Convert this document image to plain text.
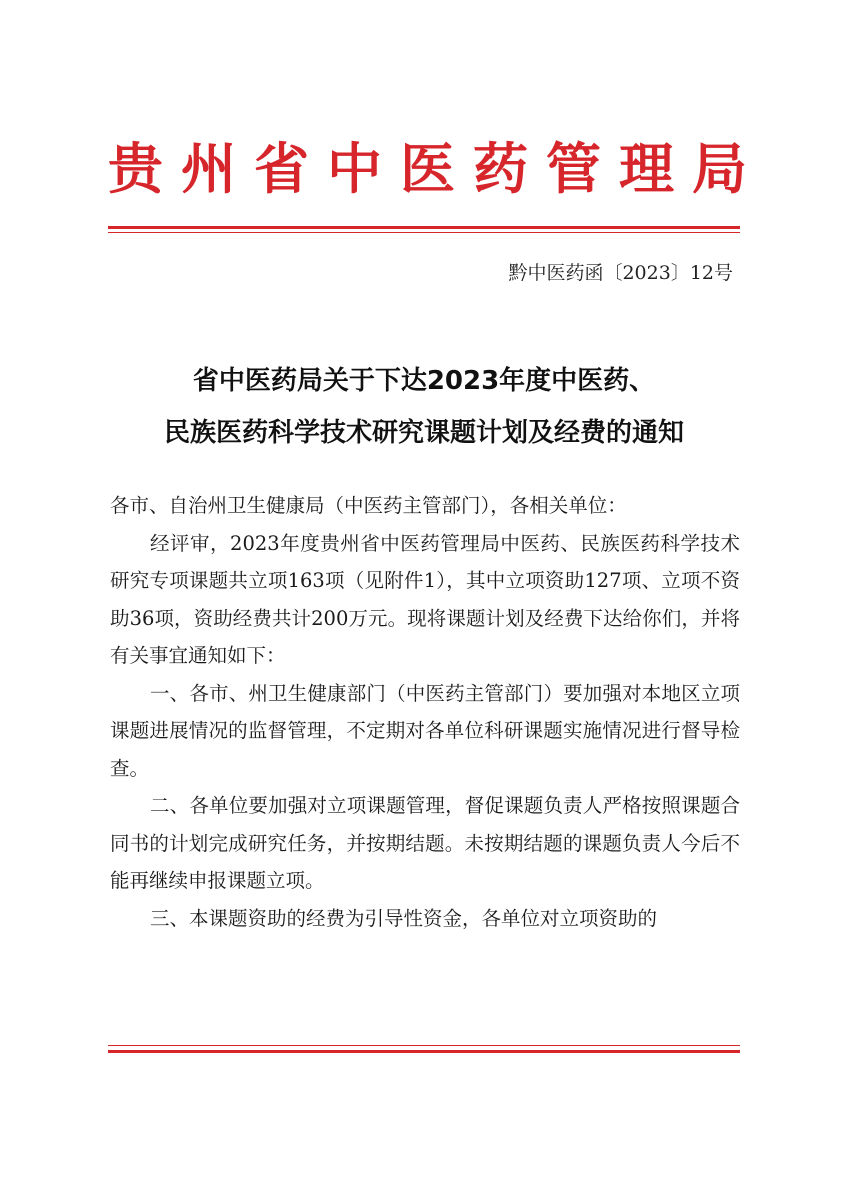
贵州省中医药管理局
黔中医药函〔2023〕12号
省中医药局关于下达2023年度中医药、
民族医药科学技术研究课题计划及经费的通知

各市、自治州卫生健康局（中医药主管部门），各相关单位：

经评审，2023年度贵州省中医药管理局中医药、民族医药科学技术研究专项课题共立项163项（见附件1），其中立项资助127项、立项不资助36项，资助经费共计200万元。现将课题计划及经费下达给你们，并将有关事宜通知如下：

一、各市、州卫生健康部门（中医药主管部门）要加强对本地区立项课题进展情况的监督管理，不定期对各单位科研课题实施情况进行督导检查。

二、各单位要加强对立项课题管理，督促课题负责人严格按照课题合同书的计划完成研究任务，并按期结题。未按期结题的课题负责人今后不能再继续申报课题立项。

三、本课题资助的经费为引导性资金，各单位对立项资助的
